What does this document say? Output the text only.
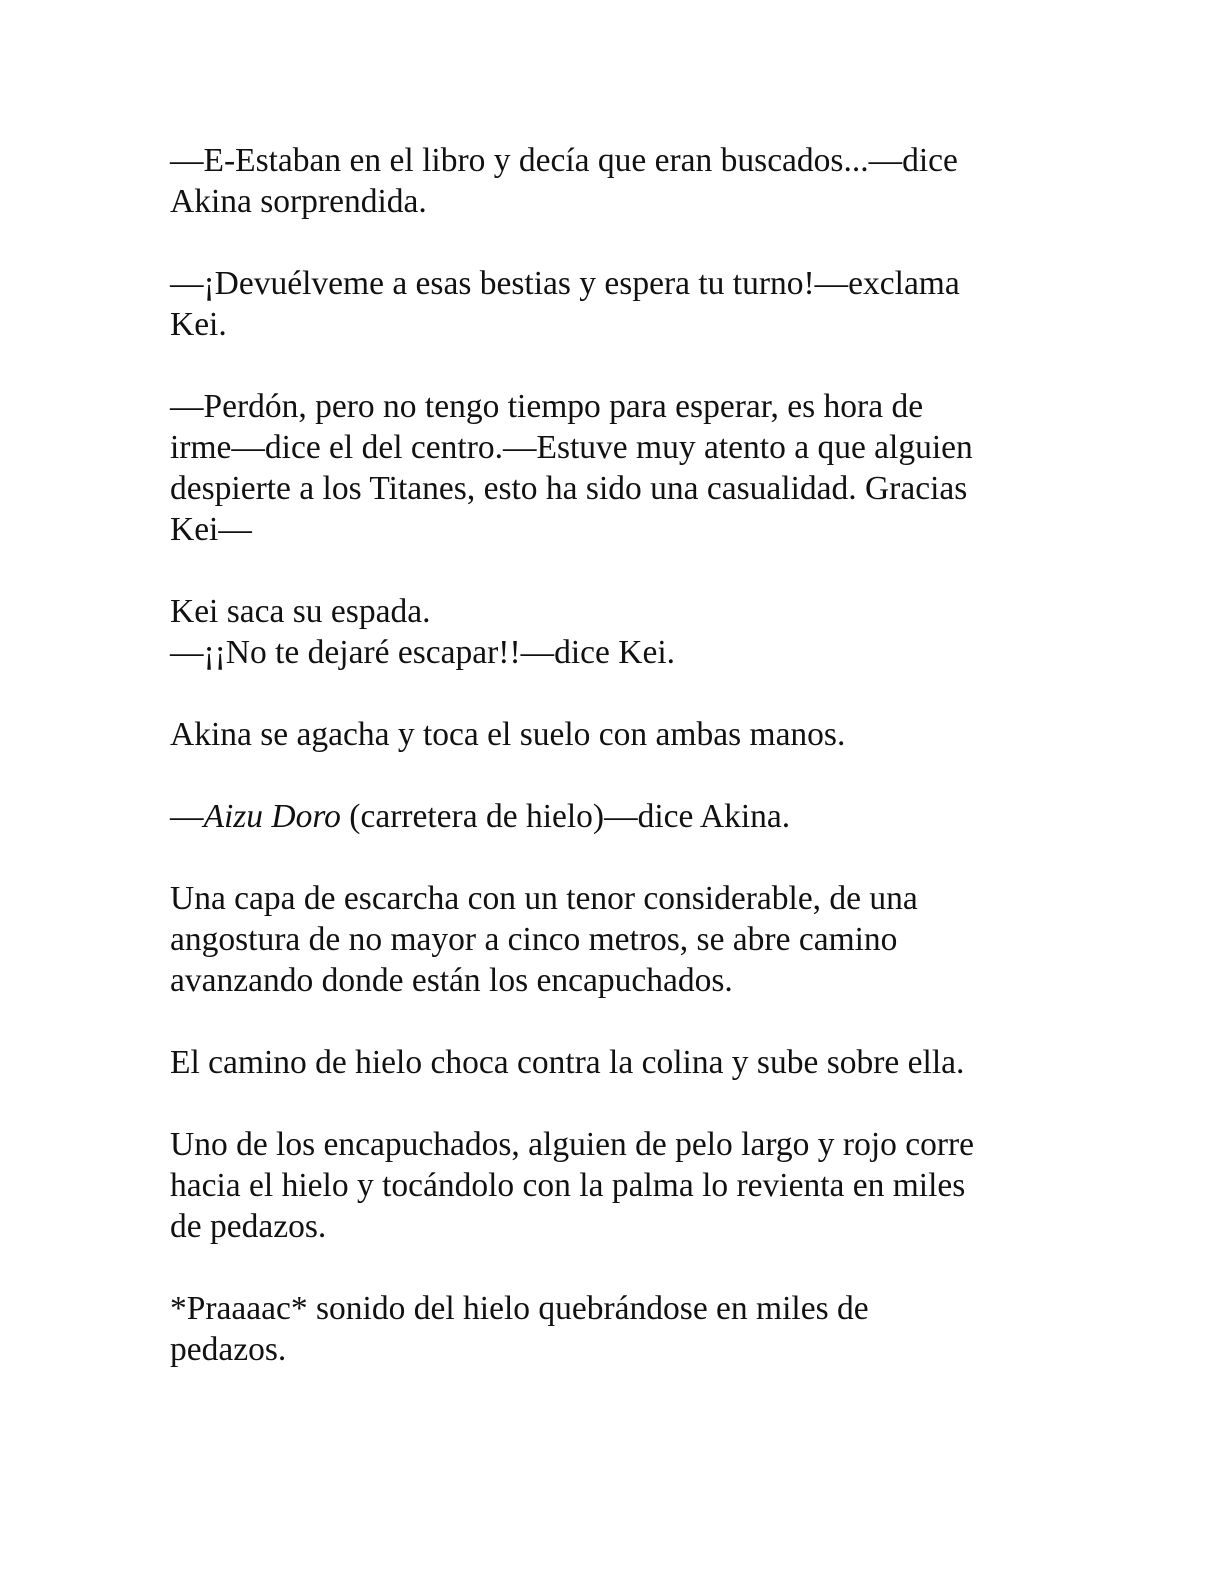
—E-Estaban en el libro y decía que eran buscados...—dice
Akina sorprendida.

—¡Devuélveme a esas bestias y espera tu turno!—exclama
Kei.

—Perdón, pero no tengo tiempo para esperar, es hora de
irme—dice el del centro.—Estuve muy atento a que alguien
despierte a los Titanes, esto ha sido una casualidad. Gracias
Kei—

Kei saca su espada.
—¡¡No te dejaré escapar!!—dice Kei.

Akina se agacha y toca el suelo con ambas manos.

—Aizu Doro (carretera de hielo)—dice Akina.

Una capa de escarcha con un tenor considerable, de una
angostura de no mayor a cinco metros, se abre camino
avanzando donde están los encapuchados.

El camino de hielo choca contra la colina y sube sobre ella.

Uno de los encapuchados, alguien de pelo largo y rojo corre
hacia el hielo y tocándolo con la palma lo revienta en miles
de pedazos.

*Praaaac* sonido del hielo quebrándose en miles de
pedazos.
